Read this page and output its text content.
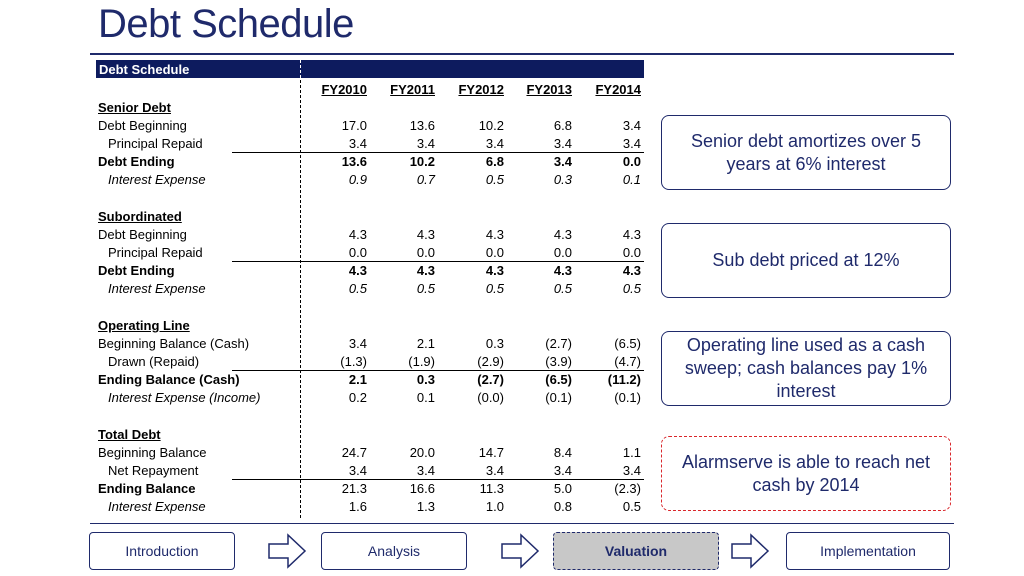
Debt Schedule
Debt Schedule
FY2010	FY2011	FY2012	FY2013	FY2014
Senior Debt
Debt Beginning	17.0	13.6	10.2	6.8	3.4
Principal Repaid	3.4	3.4	3.4	3.4	3.4
Debt Ending	13.6	10.2	6.8	3.4	0.0
Interest Expense	0.9	0.7	0.5	0.3	0.1
Subordinated
Debt Beginning	4.3	4.3	4.3	4.3	4.3
Principal Repaid	0.0	0.0	0.0	0.0	0.0
Debt Ending	4.3	4.3	4.3	4.3	4.3
Interest Expense	0.5	0.5	0.5	0.5	0.5
Operating Line
Beginning Balance (Cash)	3.4	2.1	0.3	(2.7)	(6.5)
Drawn (Repaid)	(1.3)	(1.9)	(2.9)	(3.9)	(4.7)
Ending Balance (Cash)	2.1	0.3	(2.7)	(6.5)	(11.2)
Interest Expense (Income)	0.2	0.1	(0.0)	(0.1)	(0.1)
Total Debt
Beginning Balance	24.7	20.0	14.7	8.4	1.1
Net Repayment	3.4	3.4	3.4	3.4	3.4
Ending Balance	21.3	16.6	11.3	5.0	(2.3)
Interest Expense	1.6	1.3	1.0	0.8	0.5
Senior debt amortizes over 5 years at 6% interest
Sub debt priced at 12%
Operating line used as a cash sweep; cash balances pay 1% interest
Alarmserve is able to reach net cash by 2014
Introduction	Analysis	Valuation	Implementation
